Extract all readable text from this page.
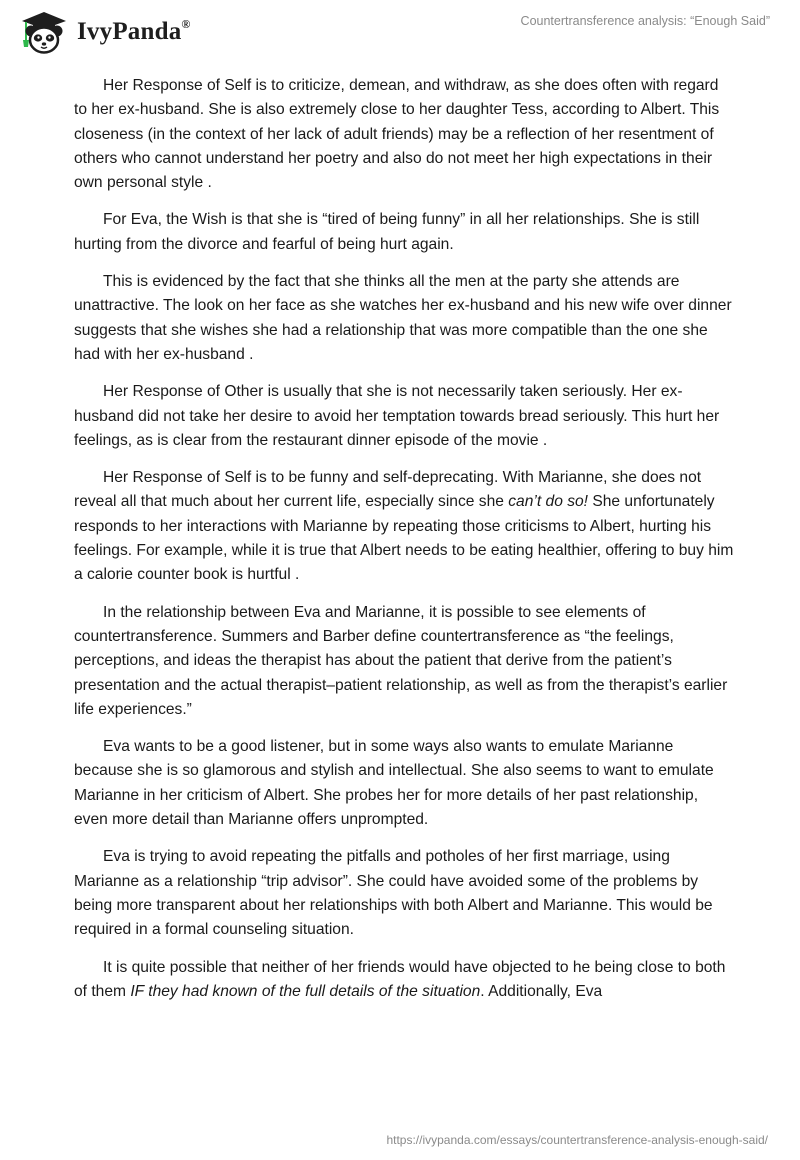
IvyPanda®	Countertransference analysis: “Enough Said”

Her Response of Self is to criticize, demean, and withdraw, as she does often with regard to her ex-husband. She is also extremely close to her daughter Tess, according to Albert. This closeness (in the context of her lack of adult friends) may be a reflection of her resentment of others who cannot understand her poetry and also do not meet her high expectations in their own personal style .

For Eva, the Wish is that she is “tired of being funny” in all her relationships. She is still hurting from the divorce and fearful of being hurt again.

This is evidenced by the fact that she thinks all the men at the party she attends are unattractive. The look on her face as she watches her ex-husband and his new wife over dinner suggests that she wishes she had a relationship that was more compatible than the one she had with her ex-husband .

Her Response of Other is usually that she is not necessarily taken seriously. Her ex-husband did not take her desire to avoid her temptation towards bread seriously. This hurt her feelings, as is clear from the restaurant dinner episode of the movie .

Her Response of Self is to be funny and self-deprecating. With Marianne, she does not reveal all that much about her current life, especially since she can’t do so! She unfortunately responds to her interactions with Marianne by repeating those criticisms to Albert, hurting his feelings. For example, while it is true that Albert needs to be eating healthier, offering to buy him a calorie counter book is hurtful .

In the relationship between Eva and Marianne, it is possible to see elements of countertransference. Summers and Barber define countertransference as “the feelings, perceptions, and ideas the therapist has about the patient that derive from the patient’s presentation and the actual therapist–patient relationship, as well as from the therapist’s earlier life experiences.”

Eva wants to be a good listener, but in some ways also wants to emulate Marianne because she is so glamorous and stylish and intellectual. She also seems to want to emulate Marianne in her criticism of Albert. She probes her for more details of her past relationship, even more detail than Marianne offers unprompted.

Eva is trying to avoid repeating the pitfalls and potholes of her first marriage, using Marianne as a relationship “trip advisor”. She could have avoided some of the problems by being more transparent about her relationships with both Albert and Marianne. This would be required in a formal counseling situation.

It is quite possible that neither of her friends would have objected to he being close to both of them IF they had known of the full details of the situation. Additionally, Eva

https://ivypanda.com/essays/countertransference-analysis-enough-said/
